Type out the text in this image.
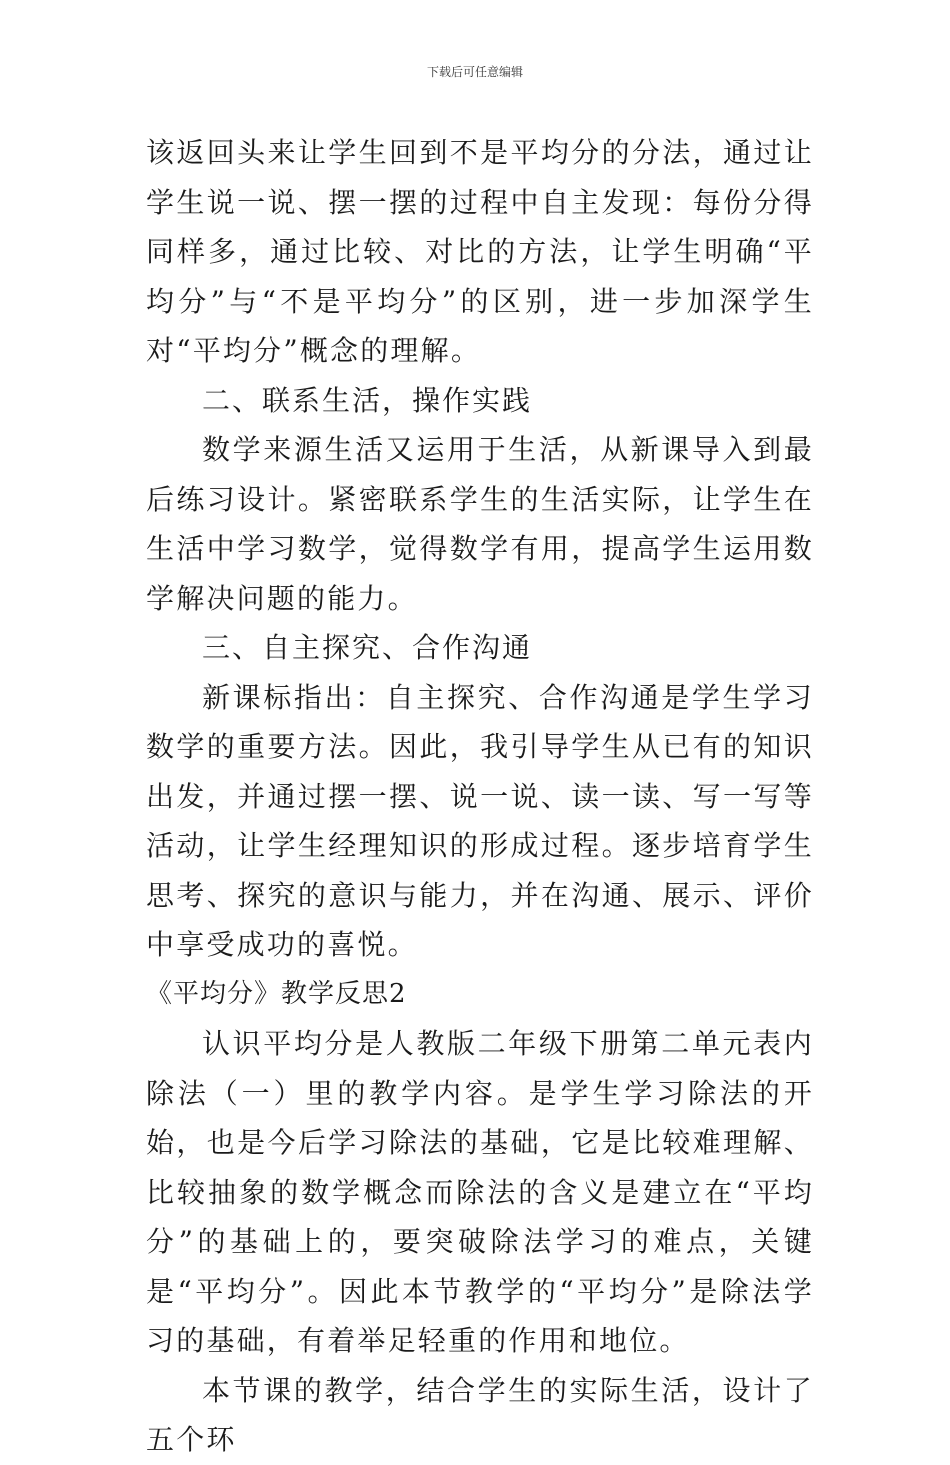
下载后可任意编辑

该返回头来让学生回到不是平均分的分法，通过让学生说一说、摆一摆的过程中自主发现：每份分得同样多，通过比较、对比的方法，让学生明确“平均分”与“不是平均分”的区别，进一步加深学生对“平均分”概念的理解。

二、联系生活，操作实践

数学来源生活又运用于生活，从新课导入到最后练习设计。紧密联系学生的生活实际，让学生在生活中学习数学，觉得数学有用，提高学生运用数学解决问题的能力。

三、自主探究、合作沟通

新课标指出：自主探究、合作沟通是学生学习数学的重要方法。因此，我引导学生从已有的知识出发，并通过摆一摆、说一说、读一读、写一写等活动，让学生经理知识的形成过程。逐步培育学生思考、探究的意识与能力，并在沟通、展示、评价中享受成功的喜悦。

《平均分》教学反思2

认识平均分是人教版二年级下册第二单元表内除法（一）里的教学内容。是学生学习除法的开始，也是今后学习除法的基础，它是比较难理解、比较抽象的数学概念而除法的含义是建立在“平均分”的基础上的，要突破除法学习的难点，关键是“平均分”。因此本节教学的“平均分”是除法学习的基础，有着举足轻重的作用和地位。

本节课的教学，结合学生的实际生活，设计了五个环
